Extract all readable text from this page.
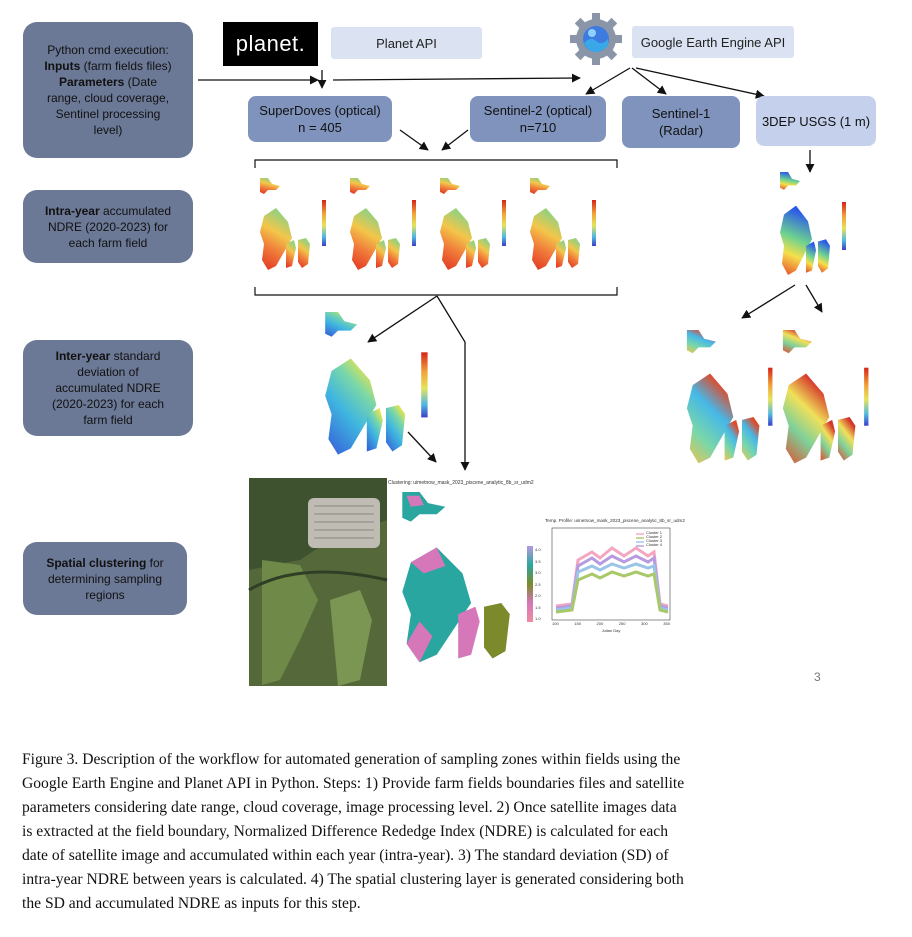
Clustering: uimetnow_mask_2023_piscene_analytic_8b_sr_udm2
Temp. Profile: uimetnow_mask_2023_piscene_analytic_8b_sr_udm2
Cluster 1
Cluster 2
Cluster 3
Cluster 4
4.0
3.5
3.0
2.5
2.0
1.5
1.0
100	150	200	250	300	350
Julian Day
Python cmd execution:
Inputs (farm fields files)
Parameters (Date
range, cloud coverage,
Sentinel processing
level)
Intra-year accumulated
NDRE (2020-2023) for
each farm field
Inter-year standard
deviation of
accumulated NDRE
(2020-2023) for each
farm field
Spatial clustering for
determining sampling
regions
planet.	Planet API	Google Earth Engine API
SuperDoves (optical)
n = 405
Sentinel-2 (optical)
n=710
Sentinel-1
(Radar)
3DEP USGS (1 m)
3
Figure 3. Description of the workflow for automated generation of sampling zones within fields using the
Google Earth Engine and Planet API in Python. Steps: 1) Provide farm fields boundaries files and satellite
parameters considering date range, cloud coverage, image processing level. 2) Once satellite images data
is extracted at the field boundary, Normalized Difference Rededge Index (NDRE) is calculated for each
date of satellite image and accumulated within each year (intra-year). 3) The standard deviation (SD) of
intra-year NDRE between years is calculated. 4) The spatial clustering layer is generated considering both
the SD and accumulated NDRE as inputs for this step.
